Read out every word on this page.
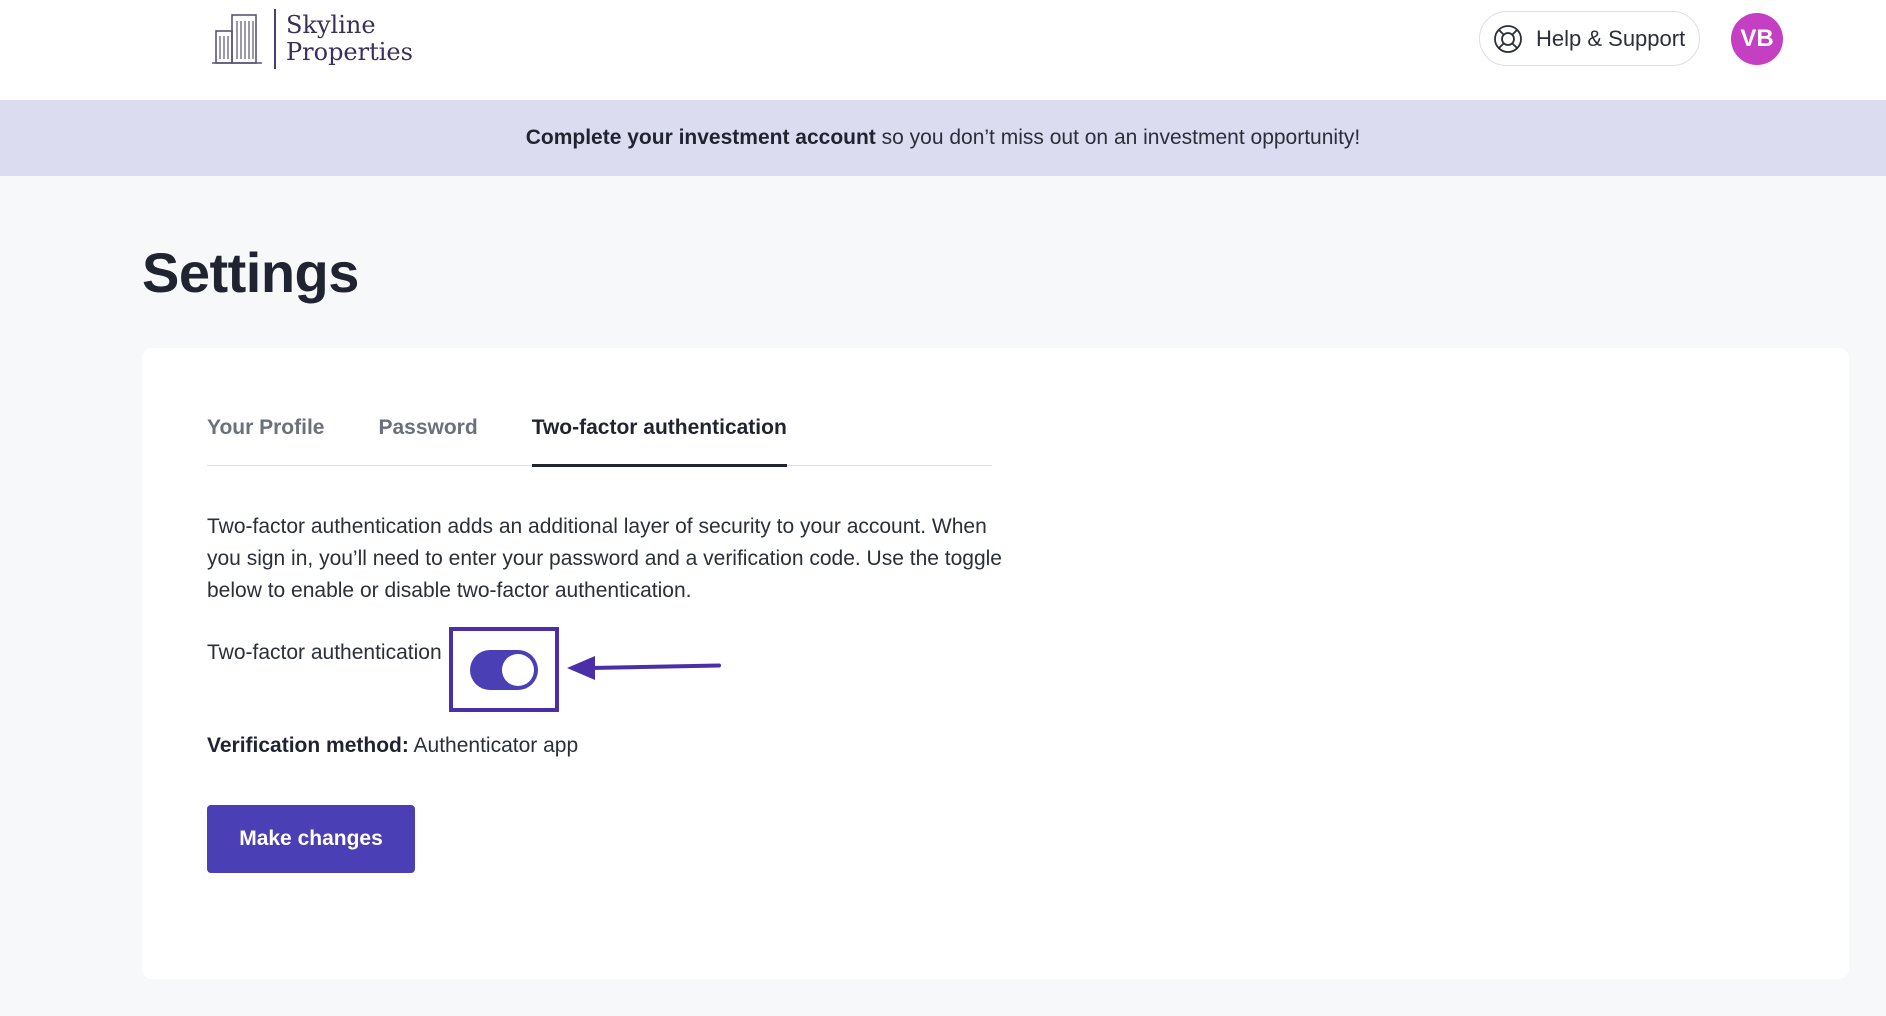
Skyline
Properties	Help & Support	VB
Complete your investment account so you don’t miss out on an investment opportunity!
Settings
Your Profile	Password	Two-factor authentication

Two-factor authentication adds an additional layer of security to your account. When you sign in, you’ll need to enter your password and a verification code. Use the toggle below to enable or disable two-factor authentication.

Two-factor authentication
Verification method: Authenticator app
Make changes
